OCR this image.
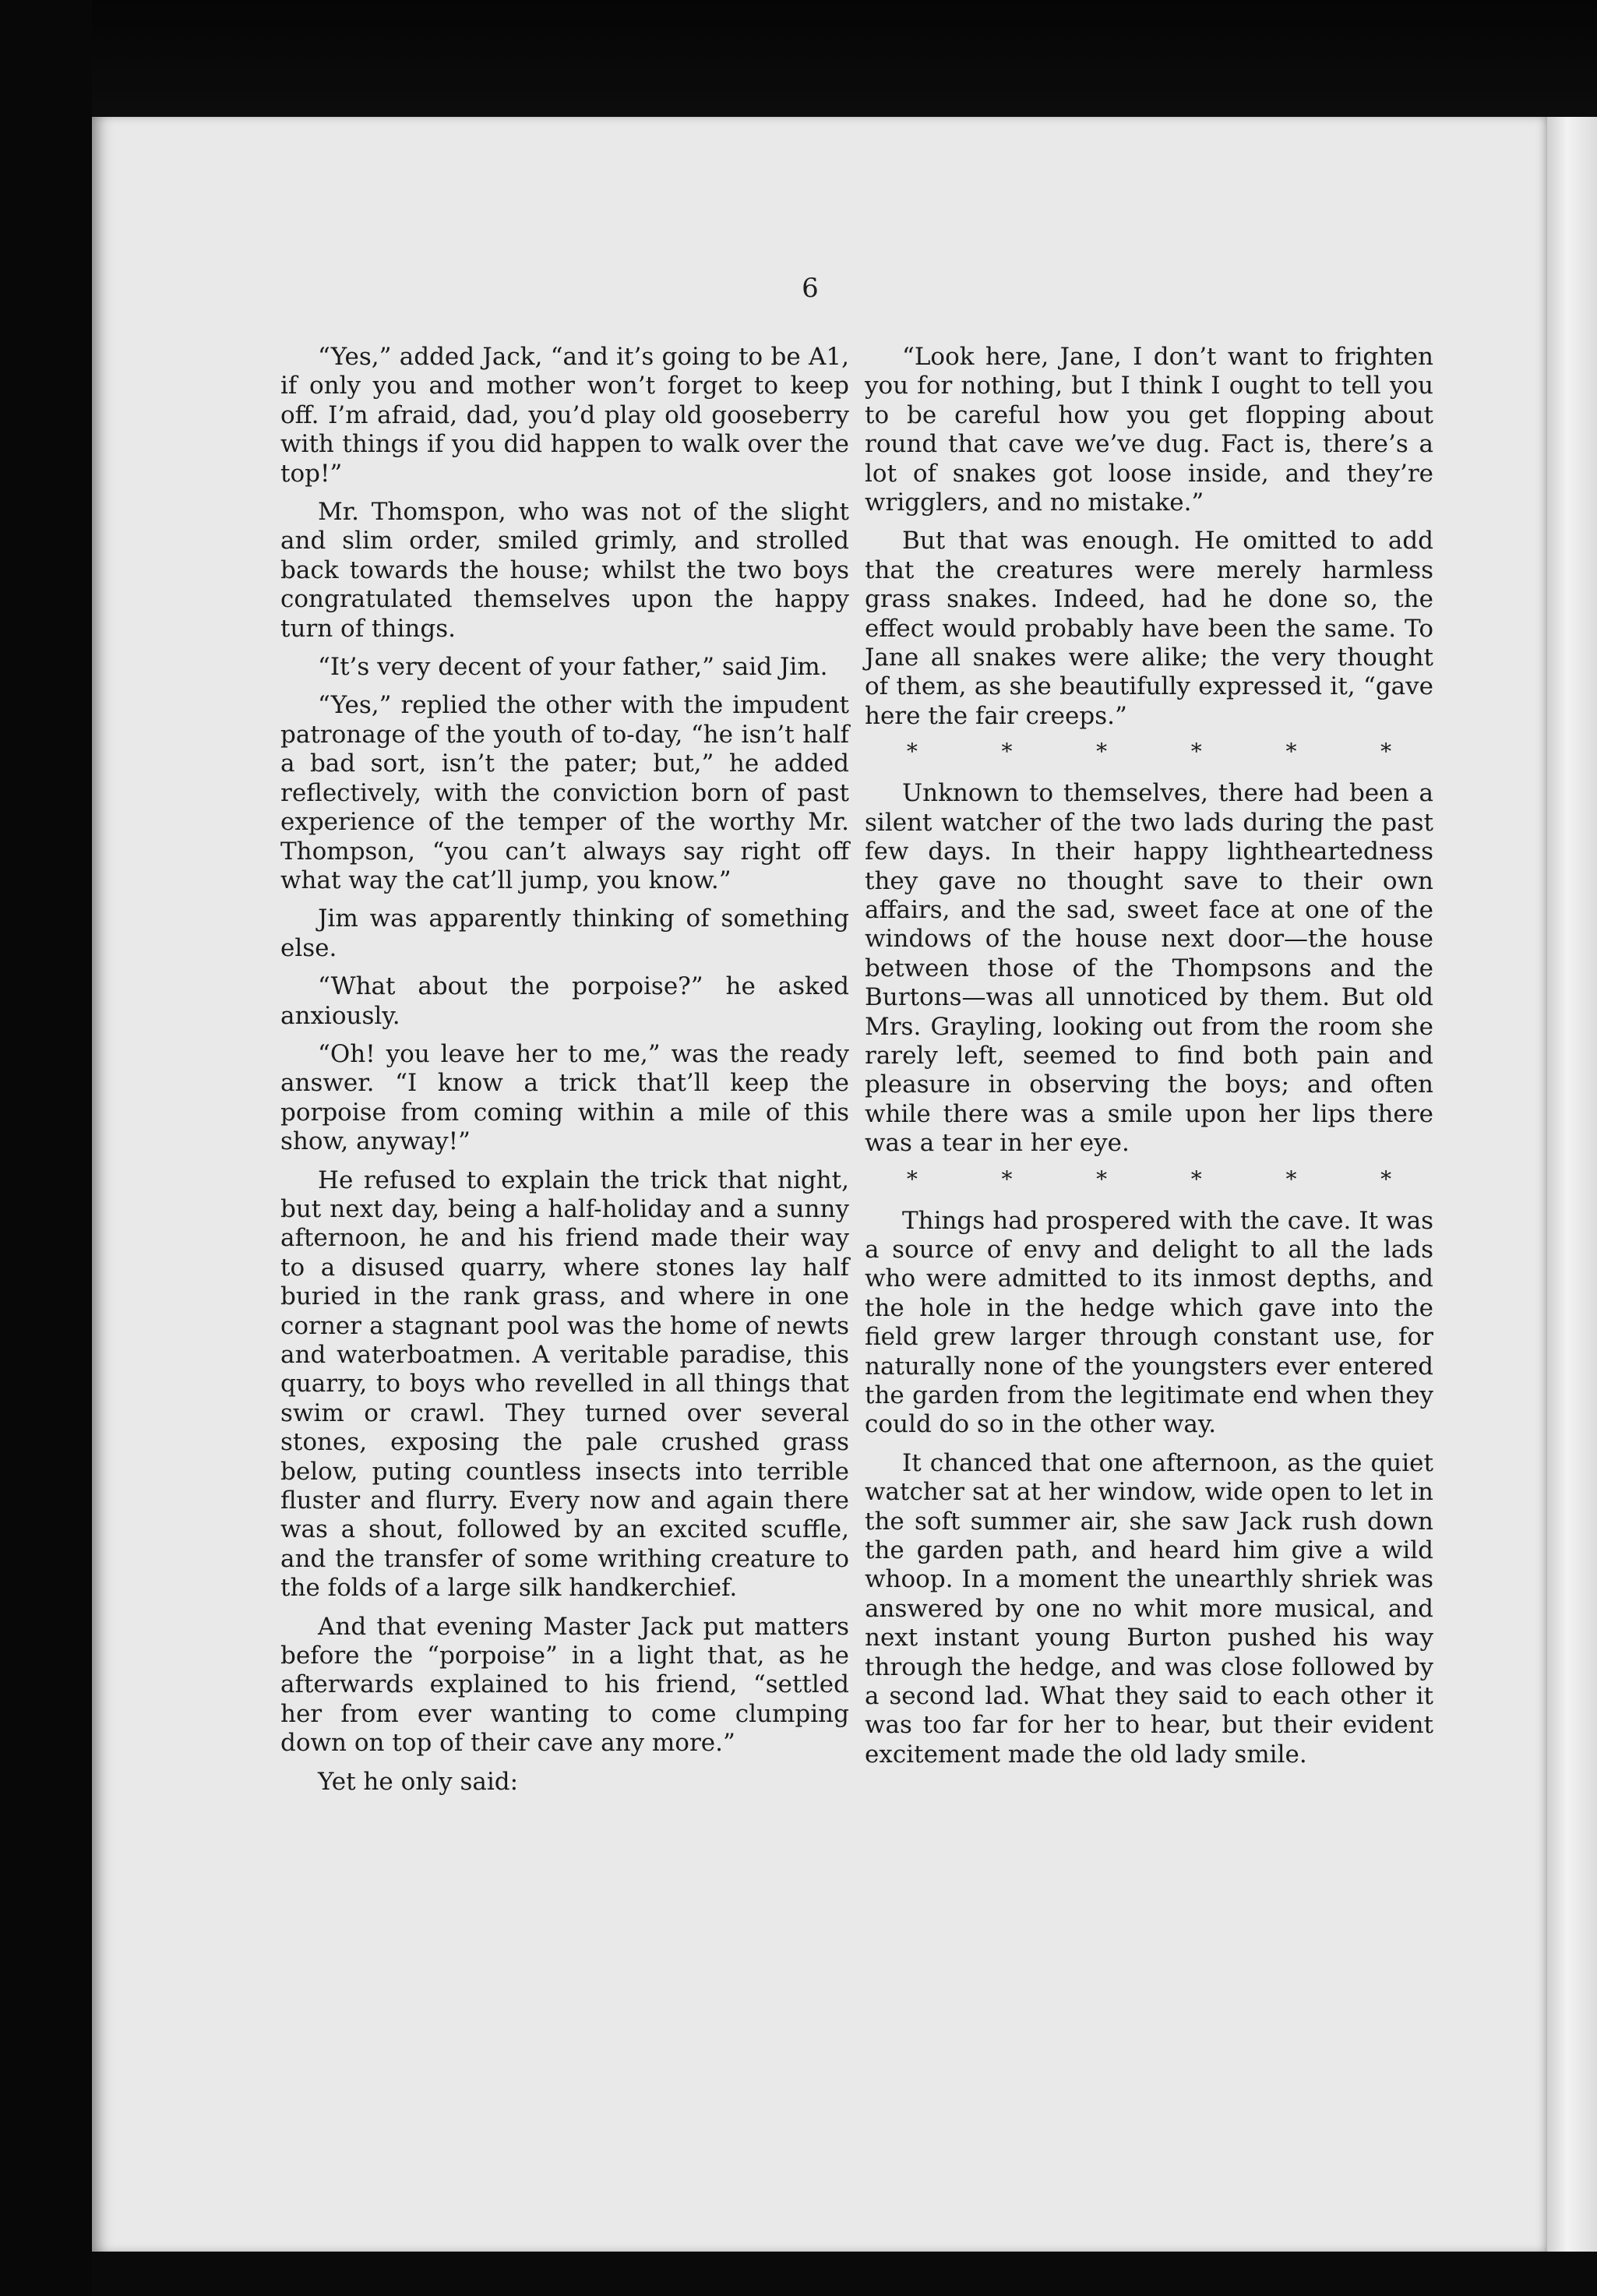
6

“Yes,” added Jack, “and it’s going to be A1, if only you and mother won’t forget to keep off. I’m afraid, dad, you’d play old gooseberry with things if you did happen to walk over the top!”

Mr. Thomspon, who was not of the slight and slim order, smiled grimly, and strolled back towards the house; whilst the two boys congratulated themselves upon the happy turn of things.

“It’s very decent of your father,” said Jim.

“Yes,” replied the other with the impudent patronage of the youth of to-day, “he isn’t half a bad sort, isn’t the pater; but,” he added reflectively, with the conviction born of past experience of the temper of the worthy Mr. Thompson, “you can’t always say right off what way the cat’ll jump, you know.”

Jim was apparently thinking of something else.

“What about the porpoise?” he asked anxiously.

“Oh! you leave her to me,” was the ready answer. “I know a trick that’ll keep the porpoise from coming within a mile of this show, anyway!”

He refused to explain the trick that night, but next day, being a half-holiday and a sunny afternoon, he and his friend made their way to a disused quarry, where stones lay half buried in the rank grass, and where in one corner a stagnant pool was the home of newts and waterboatmen. A veritable paradise, this quarry, to boys who revelled in all things that swim or crawl. They turned over several stones, exposing the pale crushed grass below, puting countless insects into terrible fluster and flurry. Every now and again there was a shout, followed by an excited scuffle, and the transfer of some writhing creature to the folds of a large silk handkerchief.

And that evening Master Jack put matters before the “porpoise” in a light that, as he afterwards explained to his friend, “settled her from ever wanting to come clumping down on top of their cave any more.”

Yet he only said:

“Look here, Jane, I don’t want to frighten you for nothing, but I think I ought to tell you to be careful how you get flopping about round that cave we’ve dug. Fact is, there’s a lot of snakes got loose inside, and they’re wrigglers, and no mistake.”

But that was enough. He omitted to add that the creatures were merely harmless grass snakes. Indeed, had he done so, the effect would probably have been the same. To Jane all snakes were alike; the very thought of them, as she beautifully expressed it, “gave here the fair creeps.”

*	*	*	*	*	*

Unknown to themselves, there had been a silent watcher of the two lads during the past few days. In their happy lightheartedness they gave no thought save to their own affairs, and the sad, sweet face at one of the windows of the house next door—the house between those of the Thompsons and the Burtons—was all unnoticed by them. But old Mrs. Grayling, looking out from the room she rarely left, seemed to find both pain and pleasure in observing the boys; and often while there was a smile upon her lips there was a tear in her eye.

*	*	*	*	*	*

Things had prospered with the cave. It was a source of envy and delight to all the lads who were admitted to its inmost depths, and the hole in the hedge which gave into the field grew larger through constant use, for naturally none of the youngsters ever entered the garden from the legitimate end when they could do so in the other way.

It chanced that one afternoon, as the quiet watcher sat at her window, wide open to let in the soft summer air, she saw Jack rush down the garden path, and heard him give a wild whoop. In a moment the unearthly shriek was answered by one no whit more musical, and next instant young Burton pushed his way through the hedge, and was close followed by a second lad. What they said to each other it was too far for her to hear, but their evident excitement made the old lady smile.
